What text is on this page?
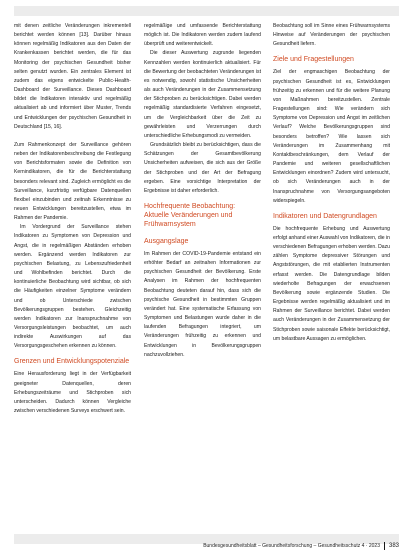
mit denen zeitliche Veränderungen inkrementell berichtet werden können [13]. Darüber hinaus können regelmäßig Indikatoren aus den Daten der Krankenkassen berichtet werden, die für das Monitoring der psychischen Gesundheit bisher selten genutzt wurden. Ein zentrales Element ist zudem das eigens entwickelte Public-Health-Dashboard der Surveillance. Dieses Dashboard bildet die Indikatoren interaktiv und regelmäßig aktualisiert ab und informiert über Muster, Trends und Entwicklungen der psychischen Gesundheit in Deutschland [15, 16].

Zum Rahmenkonzept der Surveillance gehören neben der Indikatorenbeschreibung die Festlegung von Berichtsformaten sowie die Definition von Kernindikatoren, die für die Berichterstattung besonders relevant sind. Zugleich ermöglicht es die Surveillance, kurzfristig verfügbare Datenquellen flexibel einzubinden und zeitnah Erkenntnisse zu neuen Entwicklungen bereitzustellen, etwa im Rahmen der Pandemie.

Im Vordergrund der Surveillance stehen Indikatoren zu Symptomen von Depression und Angst, die in regelmäßigen Abständen erhoben werden. Ergänzend werden Indikatoren zur psychischen Belastung, zu Lebenszufriedenheit und Wohlbefinden berichtet. Durch die kontinuierliche Beobachtung wird sichtbar, ob sich die Häufigkeiten einzelner Symptome verändern und ob Unterschiede zwischen Bevölkerungsgruppen bestehen. Gleichzeitig werden Indikatoren zur Inanspruchnahme von Versorgungsleistungen beobachtet, um auch indirekte Auswirkungen auf das Versorgungsgeschehen erkennen zu können.

Grenzen und Entwicklungspotenziale

Eine Herausforderung liegt in der Verfügbarkeit geeigneter Datenquellen, deren Erhebungszeiträume und Stichproben sich unterscheiden. Dadurch können Vergleiche zwischen verschiedenen Surveys erschwert sein.

regelmäßige und umfassende Berichterstattung möglich ist. Die Indikatoren werden zudem laufend überprüft und weiterentwickelt.

Die dieser Auswertung zugrunde liegenden Kennzahlen werden kontinuierlich aktualisiert. Für die Bewertung der beobachteten Veränderungen ist es notwendig, sowohl statistische Unsicherheiten als auch Veränderungen in der Zusammensetzung der Stichproben zu berücksichtigen. Dabei werden regelmäßig standardisierte Verfahren eingesetzt, um die Vergleichbarkeit über die Zeit zu gewährleisten und Verzerrungen durch unterschiedliche Erhebungsmodi zu vermeiden.

Grundsätzlich bleibt zu berücksichtigen, dass die Schätzungen der Gesamtbevölkerung Unsicherheiten aufweisen, die sich aus der Größe der Stichproben und der Art der Befragung ergeben. Eine vorsichtige Interpretation der Ergebnisse ist daher erforderlich.

Hochfrequente Beobachtung: Aktuelle Veränderungen und Frühwarnsystem
Ausgangslage

Im Rahmen der COVID-19-Pandemie entstand ein erhöhter Bedarf an zeitnahen Informationen zur psychischen Gesundheit der Bevölkerung. Erste Analysen im Rahmen der hochfrequenten Beobachtung deuteten darauf hin, dass sich die psychische Gesundheit in bestimmten Gruppen verändert hat. Eine systematische Erfassung von Symptomen und Belastungen wurde daher in die laufenden Befragungen integriert, um Veränderungen frühzeitig zu erkennen und Entwicklungen in Bevölkerungsgruppen nachzuvollziehen.

Beobachtung soll im Sinne eines Frühwarnsystems Hinweise auf Veränderungen der psychischen Gesundheit liefern.

Ziele und Fragestellungen

Ziel der engmaschigen Beobachtung der psychischen Gesundheit ist es, Entwicklungen frühzeitig zu erkennen und für die weitere Planung von Maßnahmen bereitzustellen. Zentrale Fragestellungen sind: Wie verändern sich Symptome von Depression und Angst im zeitlichen Verlauf? Welche Bevölkerungsgruppen sind besonders betroffen? Wie lassen sich Veränderungen im Zusammenhang mit Kontaktbeschränkungen, dem Verlauf der Pandemie und weiteren gesellschaftlichen Entwicklungen einordnen? Zudem wird untersucht, ob sich Veränderungen auch in der Inanspruchnahme von Versorgungsangeboten widerspiegeln.

Indikatoren und Datengrundlagen

Die hochfrequente Erhebung und Auswertung erfolgt anhand einer Auswahl von Indikatoren, die in verschiedenen Befragungen erhoben werden. Dazu zählen Symptome depressiver Störungen und Angststörungen, die mit etablierten Instrumenten erfasst werden. Die Datengrundlage bilden wiederholte Befragungen der erwachsenen Bevölkerung sowie ergänzende Studien. Die Ergebnisse werden regelmäßig aktualisiert und im Rahmen der Surveillance berichtet. Dabei werden auch Veränderungen in der Zusammensetzung der Stichproben sowie saisonale Effekte berücksichtigt, um belastbare Aussagen zu ermöglichen.

Bundesgesundheitsblatt – Gesundheitsforschung – Gesundheitsschutz 4 · 2023 383
